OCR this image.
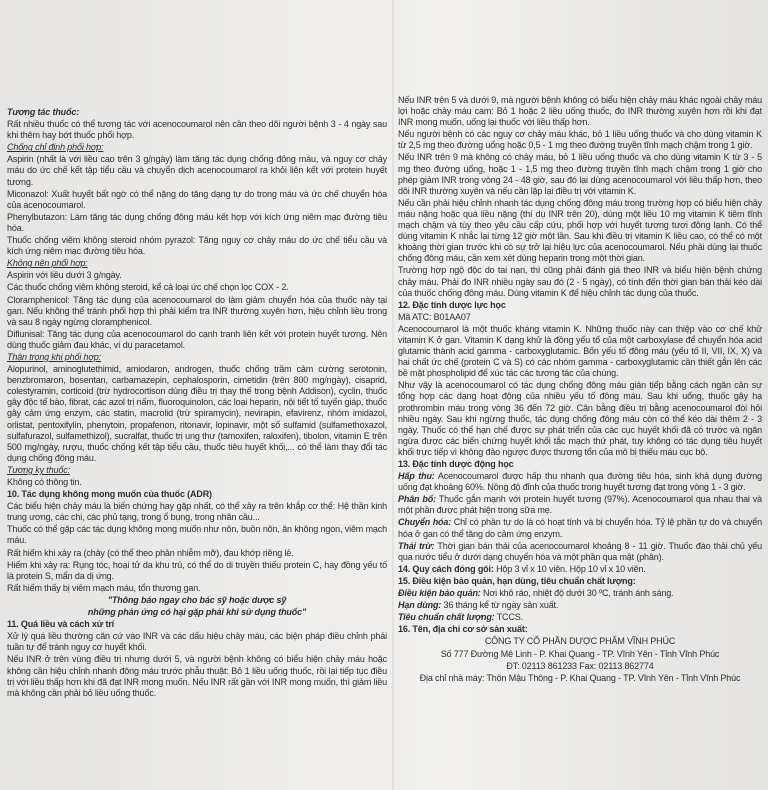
Tương tác thuốc:

Rất nhiều thuốc có thể tương tác với acenocoumarol nên cần theo dõi người bệnh 3 - 4 ngày sau khi thêm hay bớt thuốc phối hợp.

Chống chỉ định phối hợp:

Aspirin (nhất là với liều cao trên 3 g/ngày) làm tăng tác dụng chống đông máu, và nguy cơ chảy máu do ức chế kết tập tiểu cầu và chuyển dịch acenocoumarol ra khỏi liên kết với protein huyết tương.

Miconazol: Xuất huyết bất ngờ có thể nặng do tăng dạng tự do trong máu và ức chế chuyển hóa của acenocoumarol.

Phenylbutazon: Làm tăng tác dụng chống đông máu kết hợp với kích ứng niêm mạc đường tiêu hóa.

Thuốc chống viêm không steroid nhóm pyrazol: Tăng nguy cơ chảy máu do ức chế tiểu cầu và kích ứng niêm mạc đường tiêu hóa.

Không nên phối hợp:

Aspirin với liều dưới 3 g/ngày.

Các thuốc chống viêm không steroid, kể cả loại ức chế chọn lọc COX - 2.

Cloramphenicol: Tăng tác dụng của acenocoumarol do làm giảm chuyển hóa của thuốc này tại gan. Nếu không thể tránh phối hợp thì phải kiểm tra INR thường xuyên hơn, hiệu chỉnh liều trong và sau 8 ngày ngừng cloramphenicol.

Diflunisal: Tăng tác dụng của acenocoumarol do cạnh tranh liên kết với protein huyết tương. Nên dùng thuốc giảm đau khác, ví dụ paracetamol.

Thận trọng khi phối hợp:

Alopurinol, aminoglutethimid, amiodaron, androgen, thuốc chống trầm cảm cường serotonin, benzbromaron, bosentan, carbamazepin, cephalosporin, cimetidin (trên 800 mg/ngày), cisaprid, colestyramin, corticoid (trừ hydrocortison dùng điều trị thay thế trong bệnh Addison), cyclin, thuốc gây độc tế bào, fibrat, các azol trị nấm, fluoroquinolon, các loại heparin, nội tiết tố tuyến giáp, thuốc gây cảm ứng enzym, các statin, macrolid (trừ spiramycin), nevirapin, efavirenz, nhóm imidazol, orlistat, pentoxifylin, phenytoin, propafenon, ritonavir, lopinavir, một số sulfamid (sulfamethoxazol, sulfafurazol, sulfamethizol), sucralfat, thuốc trị ung thư (tamoxifen, raloxifen), tibolon, vitamin E trên 500 mg/ngày, rượu, thuốc chống kết tập tiểu cầu, thuốc tiêu huyết khối,... có thể làm thay đổi tác dụng chống đông máu.

Tương kỵ thuốc:

Không có thông tin.

10. Tác dụng không mong muốn của thuốc (ADR)

Các biểu hiện chảy máu là biến chứng hay gặp nhất, có thể xảy ra trên khắp cơ thể: Hệ thần kinh trung ương, các chi, các phủ tạng, trong ổ bụng, trong nhãn cầu...

Thuốc có thể gặp các tác dụng không mong muốn như nôn, buồn nôn, ăn không ngon, viêm mạch máu.

Rất hiếm khi xảy ra (chảy (có thể theo phản nhiễm mỡ), đau khớp riêng lẻ.

Hiếm khi xảy ra: Rụng tóc, hoại tử da khu trú, có thể do di truyền thiếu protein C, hay đồng yếu tố là protein S, mẩn da dị ứng.

Rất hiếm thấy bị viêm mạch máu, tổn thương gan.

"Thông báo ngay cho bác sỹ hoặc dược sỹ

những phản ứng có hại gặp phải khi sử dụng thuốc"

11. Quá liều và cách xử trí

Xử lý quá liều thường căn cứ vào INR và các dấu hiệu chảy máu, các biện pháp điều chỉnh phải tuần tự để tránh nguy cơ huyết khối.

Nếu INR ở trên vùng điều trị nhưng dưới 5, và người bệnh không có biểu hiện chảy máu hoặc không cần hiệu chỉnh nhanh đông máu trước phẫu thuật: Bỏ 1 liều uống thuốc, rồi lại tiếp tục điều trị với liều thấp hơn khi đã đạt INR mong muốn. Nếu INR rất gần với INR mong muốn, thì giảm liều mà không cần phải bỏ liều uống thuốc.

Nếu INR trên 5 và dưới 9, mà người bệnh không có biểu hiện chảy máu khác ngoài chảy máu lợi hoặc chảy máu cam: Bỏ 1 hoặc 2 liều uống thuốc, đo INR thường xuyên hơn rồi khi đạt INR mong muốn, uống lại thuốc với liều thấp hơn.

Nếu người bệnh có các nguy cơ chảy máu khác, bỏ 1 liều uống thuốc và cho dùng vitamin K từ 2,5 mg theo đường uống hoặc 0,5 - 1 mg theo đường truyền tĩnh mạch chậm trong 1 giờ.

Nếu INR trên 9 mà không có chảy máu, bỏ 1 liều uống thuốc và cho dùng vitamin K từ 3 - 5 mg theo đường uống, hoặc 1 - 1,5 mg theo đường truyền tĩnh mạch chậm trong 1 giờ cho phép giảm INR trong vòng 24 - 48 giờ, sau đó lại dùng acenocoumarol với liều thấp hơn, theo dõi INR thường xuyên và nếu cần lặp lại điều trị với vitamin K.

Nếu cần phải hiệu chỉnh nhanh tác dụng chống đông máu trong trường hợp có biểu hiện chảy máu nặng hoặc quá liều nặng (thí dụ INR trên 20), dùng một liều 10 mg vitamin K tiêm tĩnh mạch chậm và tùy theo yêu cầu cấp cứu, phối hợp với huyết tương tươi đông lạnh. Có thể dùng vitamin K nhắc lại từng 12 giờ một lần. Sau khi điều trị vitamin K liều cao, có thể có một khoảng thời gian trước khi có sự trở lại hiệu lực của acenocoumarol. Nếu phải dùng lại thuốc chống đông máu, cần xem xét dùng heparin trong một thời gian.

Trường hợp ngộ độc do tai nạn, thì cũng phải đánh giá theo INR và biểu hiện bệnh chứng chảy máu. Phải đo INR nhiều ngày sau đó (2 - 5 ngày), có tính đến thời gian bán thải kéo dài của thuốc chống đông máu. Dùng vitamin K để hiệu chỉnh tác dụng của thuốc.

12. Đặc tính dược lực học

Mã ATC: B01AA07

Acenocoumarol là một thuốc kháng vitamin K. Những thuốc này can thiệp vào cơ chế khử vitamin K ở gan. Vitamin K dạng khử là đồng yếu tố của một carboxylase để chuyển hóa acid glutamic thành acid gamma - carboxyglutamic. Bốn yếu tố đông máu (yếu tố II, VII, IX, X) và hai chất ức chế (protein C và S) có các nhóm gamma - carboxyglutamic cần thiết gắn lên các bề mặt phospholipid để xúc tác các tương tác của chúng.

Như vậy là acenocoumarol có tác dụng chống đông máu gián tiếp bằng cách ngăn cản sự tổng hợp các dạng hoạt động của nhiều yếu tố đông máu. Sau khi uống, thuốc gây hạ prothrombin máu trong vòng 36 đến 72 giờ. Cân bằng điều trị bằng acenocoumarol đòi hỏi nhiều ngày. Sau khi ngừng thuốc, tác dụng chống đông máu còn có thể kéo dài thêm 2 - 3 ngày. Thuốc có thể hạn chế được sự phát triển của các cục huyết khối đã có trước và ngăn ngừa được các biến chứng huyết khối tắc mạch thứ phát, tuy không có tác dụng tiêu huyết khối trực tiếp vì không đảo ngược được thương tổn của mô bị thiếu máu cục bộ.

13. Đặc tính dược động học

Hấp thu: Acenocoumarol được hấp thu nhanh qua đường tiêu hóa, sinh khả dụng đường uống đạt khoảng 60%. Nồng độ đỉnh của thuốc trong huyết tương đạt trong vòng 1 - 3 giờ.

Phân bố: Thuốc gắn mạnh với protein huyết tương (97%). Acenocoumarol qua nhau thai và một phần được phát hiện trong sữa mẹ.

Chuyển hóa: Chỉ có phần tự do là có hoạt tính và bị chuyển hóa. Tỷ lệ phần tự do và chuyển hóa ở gan có thể tăng do cảm ứng enzym.

Thải trừ: Thời gian bán thải của acenocoumarol khoảng 8 - 11 giờ. Thuốc đào thải chủ yếu qua nước tiểu ở dưới dạng chuyển hóa và một phần qua mật (phân).

14. Quy cách đóng gói: Hộp 3 vỉ x 10 viên. Hộp 10 vỉ x 10 viên.

15. Điều kiện bảo quản, hạn dùng, tiêu chuẩn chất lượng:

Điều kiện bảo quản: Nơi khô ráo, nhiệt độ dưới 30 ºC, tránh ánh sáng.

Hạn dùng: 36 tháng kể từ ngày sản xuất.

Tiêu chuẩn chất lượng: TCCS.

16. Tên, địa chỉ cơ sở sản xuất:

CÔNG TY CỔ PHẦN DƯỢC PHẨM VĨNH PHÚC

Số 777 Đường Mê Linh - P. Khai Quang - TP. Vĩnh Yên - Tỉnh Vĩnh Phúc

ĐT: 02113 861233 Fax: 02113 862774

Địa chỉ nhà máy: Thôn Mậu Thông - P. Khai Quang - TP. Vĩnh Yên - Tỉnh Vĩnh Phúc
